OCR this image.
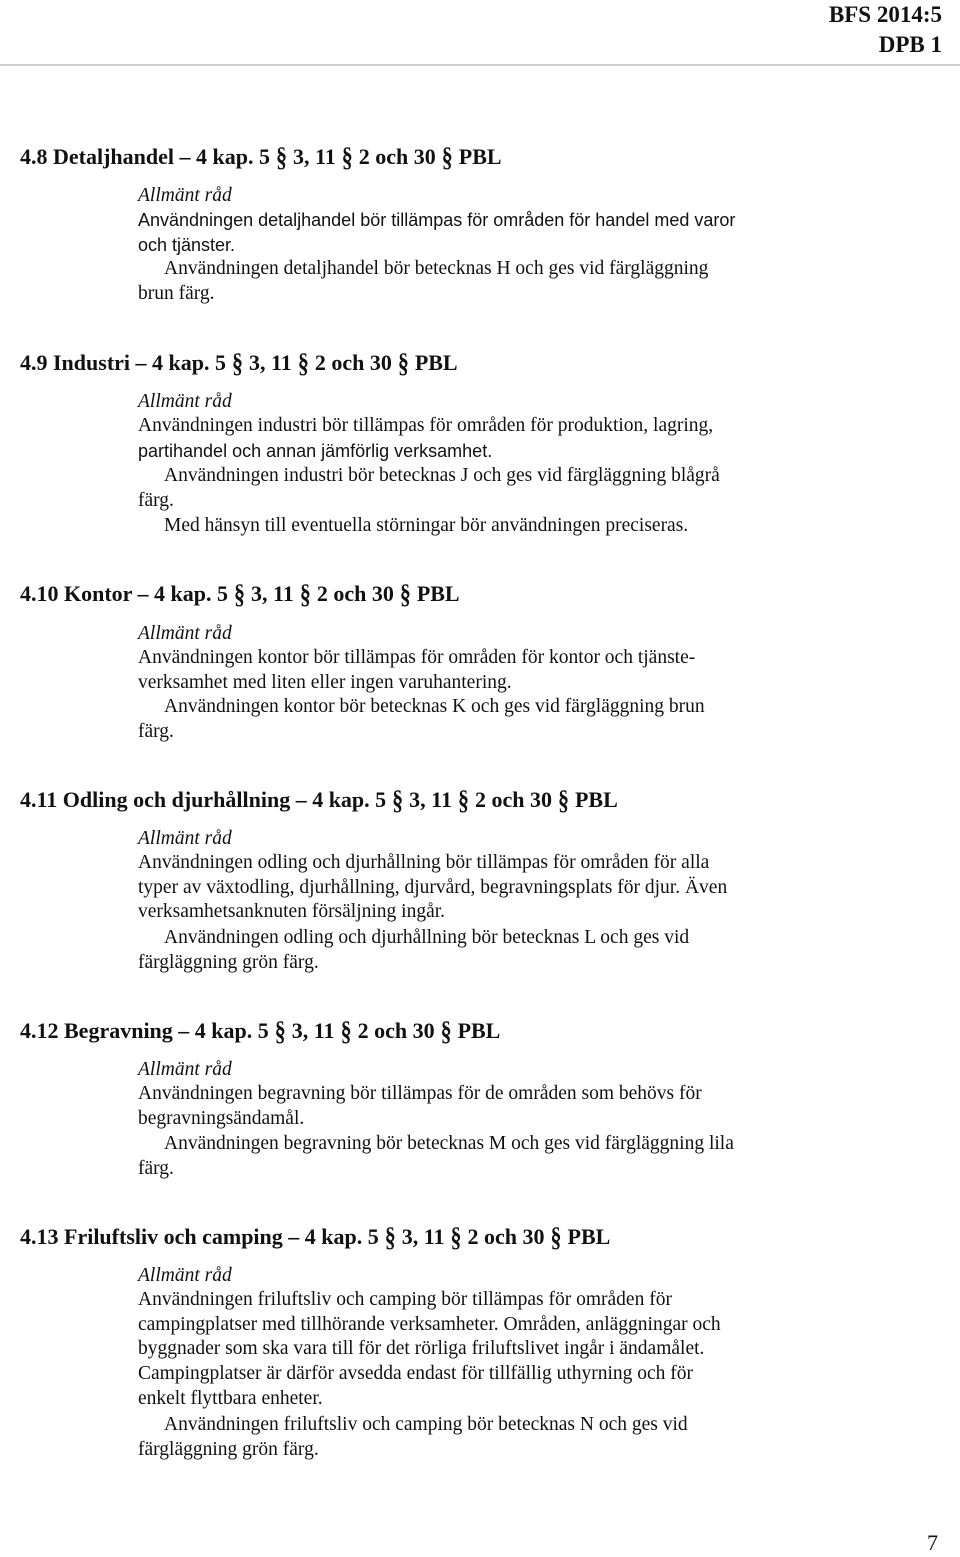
BFS 2014:5
DPB 1
4.8 Detaljhandel – 4 kap. 5 § 3, 11 § 2 och 30 § PBL
Allmänt råd
Användningen detaljhandel bör tillämpas för områden för handel med varor
och tjänster.
Användningen detaljhandel bör betecknas H och ges vid färgläggning
brun färg.
4.9 Industri – 4 kap. 5 § 3, 11 § 2 och 30 § PBL
Allmänt råd
Användningen industri bör tillämpas för områden för produktion, lagring,
partihandel och annan jämförlig verksamhet.
Användningen industri bör betecknas J och ges vid färgläggning blågrå
färg.
Med hänsyn till eventuella störningar bör användningen preciseras.
4.10 Kontor – 4 kap. 5 § 3, 11 § 2 och 30 § PBL
Allmänt råd
Användningen kontor bör tillämpas för områden för kontor och tjänste-
verksamhet med liten eller ingen varuhantering.
Användningen kontor bör betecknas K och ges vid färgläggning brun
färg.
4.11 Odling och djurhållning – 4 kap. 5 § 3, 11 § 2 och 30 § PBL
Allmänt råd
Användningen odling och djurhållning bör tillämpas för områden för alla
typer av växtodling, djurhållning, djurvård, begravningsplats för djur. Även
verksamhetsanknuten försäljning ingår.
Användningen odling och djurhållning bör betecknas L och ges vid
färgläggning grön färg.
4.12 Begravning – 4 kap. 5 § 3, 11 § 2 och 30 § PBL
Allmänt råd
Användningen begravning bör tillämpas för de områden som behövs för
begravningsändamål.
Användningen begravning bör betecknas M och ges vid färgläggning lila
färg.
4.13 Friluftsliv och camping – 4 kap. 5 § 3, 11 § 2 och 30 § PBL
Allmänt råd
Användningen friluftsliv och camping bör tillämpas för områden för
campingplatser med tillhörande verksamheter. Områden, anläggningar och
byggnader som ska vara till för det rörliga friluftslivet ingår i ändamålet.
Campingplatser är därför avsedda endast för tillfällig uthyrning och för
enkelt flyttbara enheter.
Användningen friluftsliv och camping bör betecknas N och ges vid
färgläggning grön färg.
7
